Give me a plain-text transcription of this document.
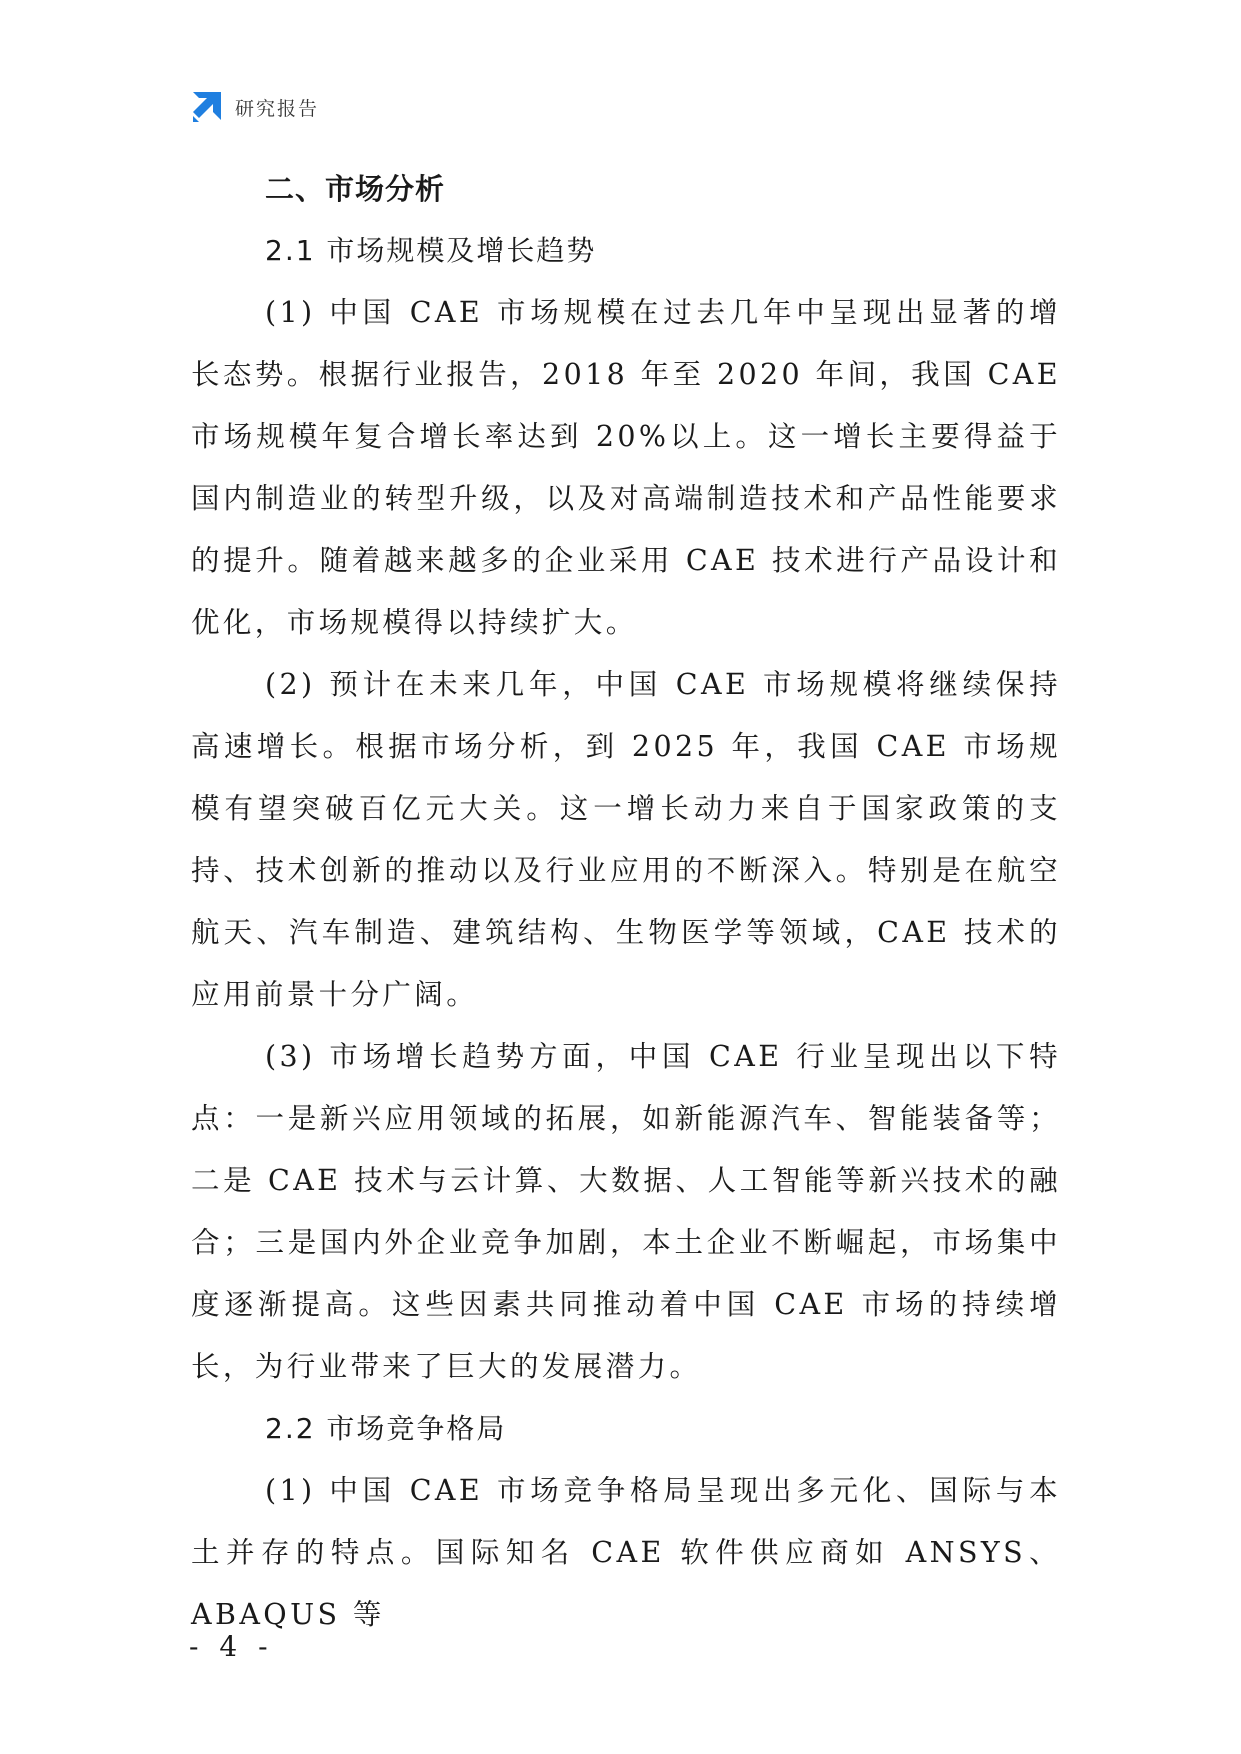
研究报告
二、市场分析
2.1 市场规模及增长趋势

(1) 中国 CAE 市场规模在过去几年中呈现出显著的增长态势。根据行业报告，2018 年至 2020 年间，我国 CAE 市场规模年复合增长率达到 20%以上。这一增长主要得益于国内制造业的转型升级，以及对高端制造技术和产品性能要求的提升。随着越来越多的企业采用 CAE 技术进行产品设计和优化，市场规模得以持续扩大。

(2) 预计在未来几年，中国 CAE 市场规模将继续保持高速增长。根据市场分析，到 2025 年，我国 CAE 市场规模有望突破百亿元大关。这一增长动力来自于国家政策的支持、技术创新的推动以及行业应用的不断深入。特别是在航空航天、汽车制造、建筑结构、生物医学等领域，CAE 技术的应用前景十分广阔。

(3) 市场增长趋势方面，中国 CAE 行业呈现出以下特点：一是新兴应用领域的拓展，如新能源汽车、智能装备等；二是 CAE 技术与云计算、大数据、人工智能等新兴技术的融合；三是国内外企业竞争加剧，本土企业不断崛起，市场集中度逐渐提高。这些因素共同推动着中国 CAE 市场的持续增长，为行业带来了巨大的发展潜力。

2.2 市场竞争格局

(1) 中国 CAE 市场竞争格局呈现出多元化、国际与本土并存的特点。国际知名 CAE 软件供应商如 ANSYS、ABAQUS 等

- 4 -
